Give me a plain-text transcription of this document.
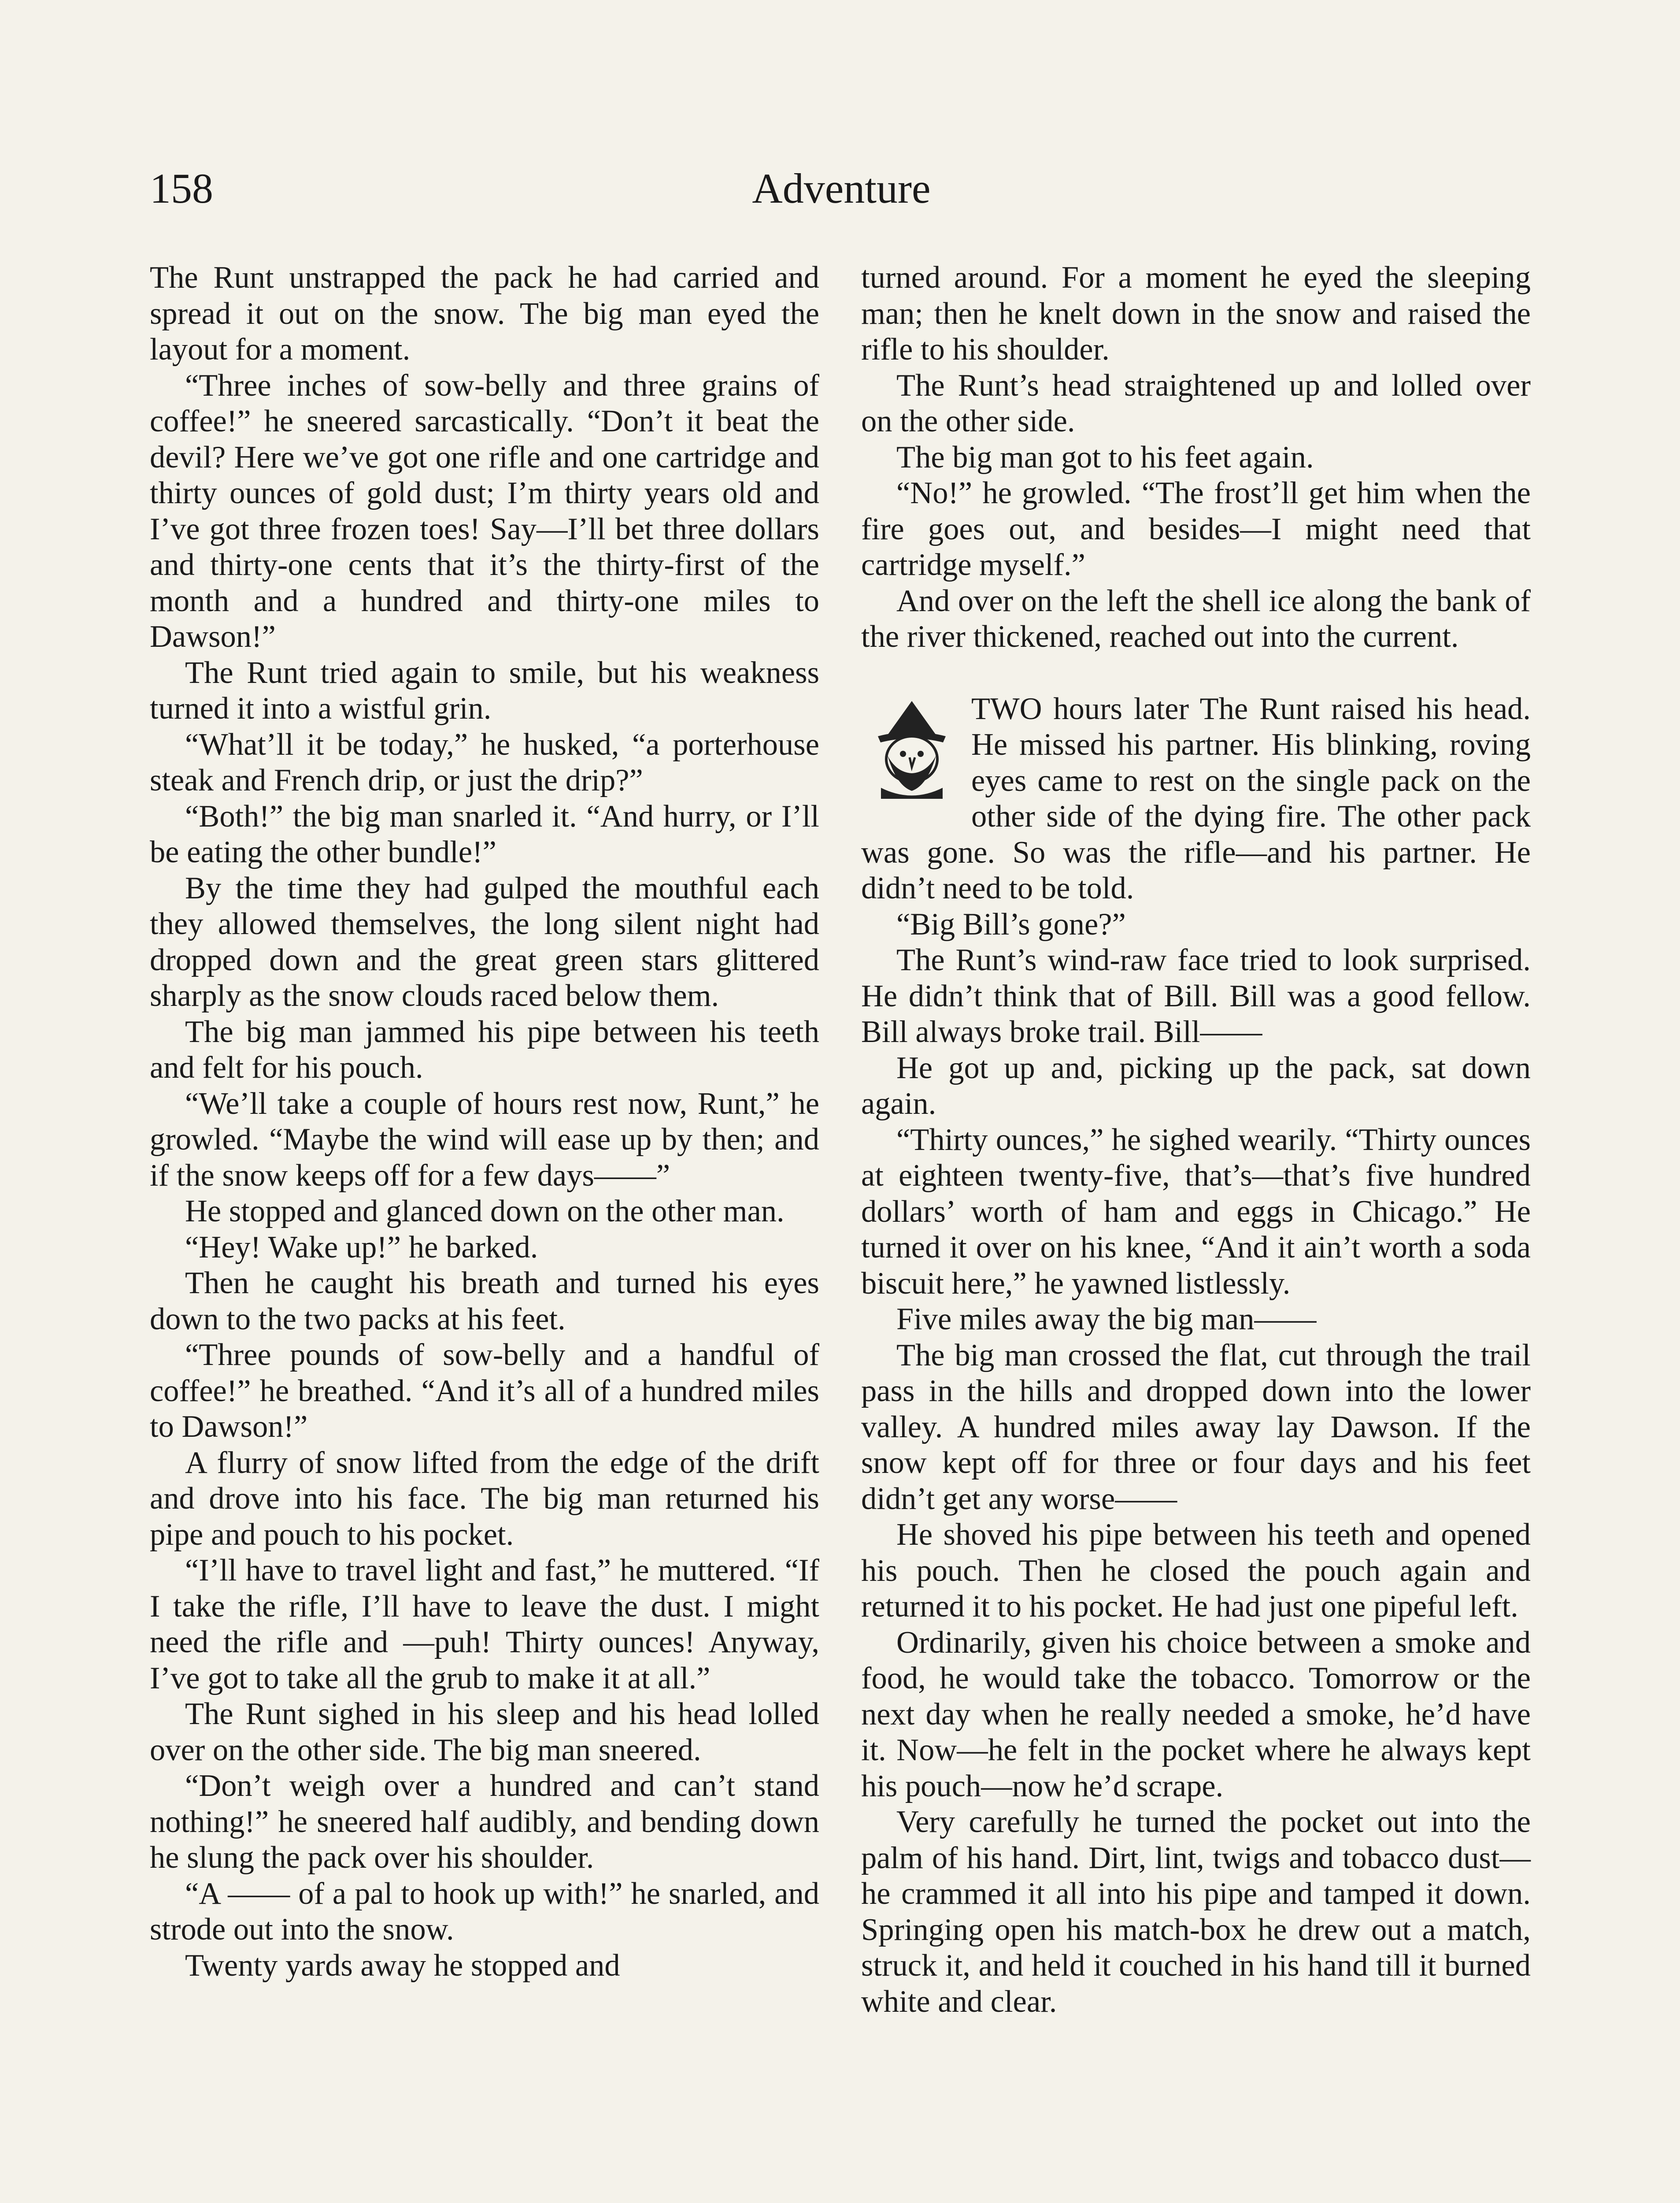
158	Adventure

The Runt unstrapped the pack he had carried and spread it out on the snow. The big man eyed the layout for a moment.

“Three inches of sow-belly and three grains of coffee!” he sneered sarcastically. “Don’t it beat the devil? Here we’ve got one rifle and one cartridge and thirty ounces of gold dust; I’m thirty years old and I’ve got three frozen toes! Say—I’ll bet three dollars and thirty-one cents that it’s the thirty-first of the month and a hundred and thirty-one miles to Dawson!”

The Runt tried again to smile, but his weakness turned it into a wistful grin.

“What’ll it be today,” he husked, “a porterhouse steak and French drip, or just the drip?”

“Both!” the big man snarled it. “And hurry, or I’ll be eating the other bundle!”

By the time they had gulped the mouthful each they allowed themselves, the long silent night had dropped down and the great green stars glittered sharply as the snow clouds raced below them.

The big man jammed his pipe between his teeth and felt for his pouch.

“We’ll take a couple of hours rest now, Runt,” he growled. “Maybe the wind will ease up by then; and if the snow keeps off for a few days——”

He stopped and glanced down on the other man.

“Hey! Wake up!” he barked.

Then he caught his breath and turned his eyes down to the two packs at his feet.

“Three pounds of sow-belly and a handful of coffee!” he breathed. “And it’s all of a hundred miles to Dawson!”

A flurry of snow lifted from the edge of the drift and drove into his face. The big man returned his pipe and pouch to his pocket.

“I’ll have to travel light and fast,” he muttered. “If I take the rifle, I’ll have to leave the dust. I might need the rifle and —puh! Thirty ounces! Anyway, I’ve got to take all the grub to make it at all.”

The Runt sighed in his sleep and his head lolled over on the other side. The big man sneered.

“Don’t weigh over a hundred and can’t stand nothing!” he sneered half audibly, and bending down he slung the pack over his shoulder.

“A —— of a pal to hook up with!” he snarled, and strode out into the snow.

Twenty yards away he stopped and

turned around. For a moment he eyed the sleeping man; then he knelt down in the snow and raised the rifle to his shoulder.

The Runt’s head straightened up and lolled over on the other side.

The big man got to his feet again.

“No!” he growled. “The frost’ll get him when the fire goes out, and besides—I might need that cartridge myself.”

And over on the left the shell ice along the bank of the river thickened, reached out into the current.

TWO hours later The Runt raised his head. He missed his partner. His blinking, roving eyes came to rest on the single pack on the other side of the dying fire. The other pack was gone. So was the rifle—and his partner. He didn’t need to be told.

“Big Bill’s gone?”

The Runt’s wind-raw face tried to look surprised. He didn’t think that of Bill. Bill was a good fellow. Bill always broke trail. Bill——

He got up and, picking up the pack, sat down again.

“Thirty ounces,” he sighed wearily. “Thirty ounces at eighteen twenty-five, that’s—that’s five hundred dollars’ worth of ham and eggs in Chicago.” He turned it over on his knee, “And it ain’t worth a soda biscuit here,” he yawned listlessly.

Five miles away the big man——

The big man crossed the flat, cut through the trail pass in the hills and dropped down into the lower valley. A hundred miles away lay Dawson. If the snow kept off for three or four days and his feet didn’t get any worse——

He shoved his pipe between his teeth and opened his pouch. Then he closed the pouch again and returned it to his pocket. He had just one pipeful left.

Ordinarily, given his choice between a smoke and food, he would take the tobacco. Tomorrow or the next day when he really needed a smoke, he’d have it. Now—he felt in the pocket where he always kept his pouch—now he’d scrape.

Very carefully he turned the pocket out into the palm of his hand. Dirt, lint, twigs and tobacco dust—he crammed it all into his pipe and tamped it down. Springing open his match-box he drew out a match, struck it, and held it couched in his hand till it burned white and clear.
